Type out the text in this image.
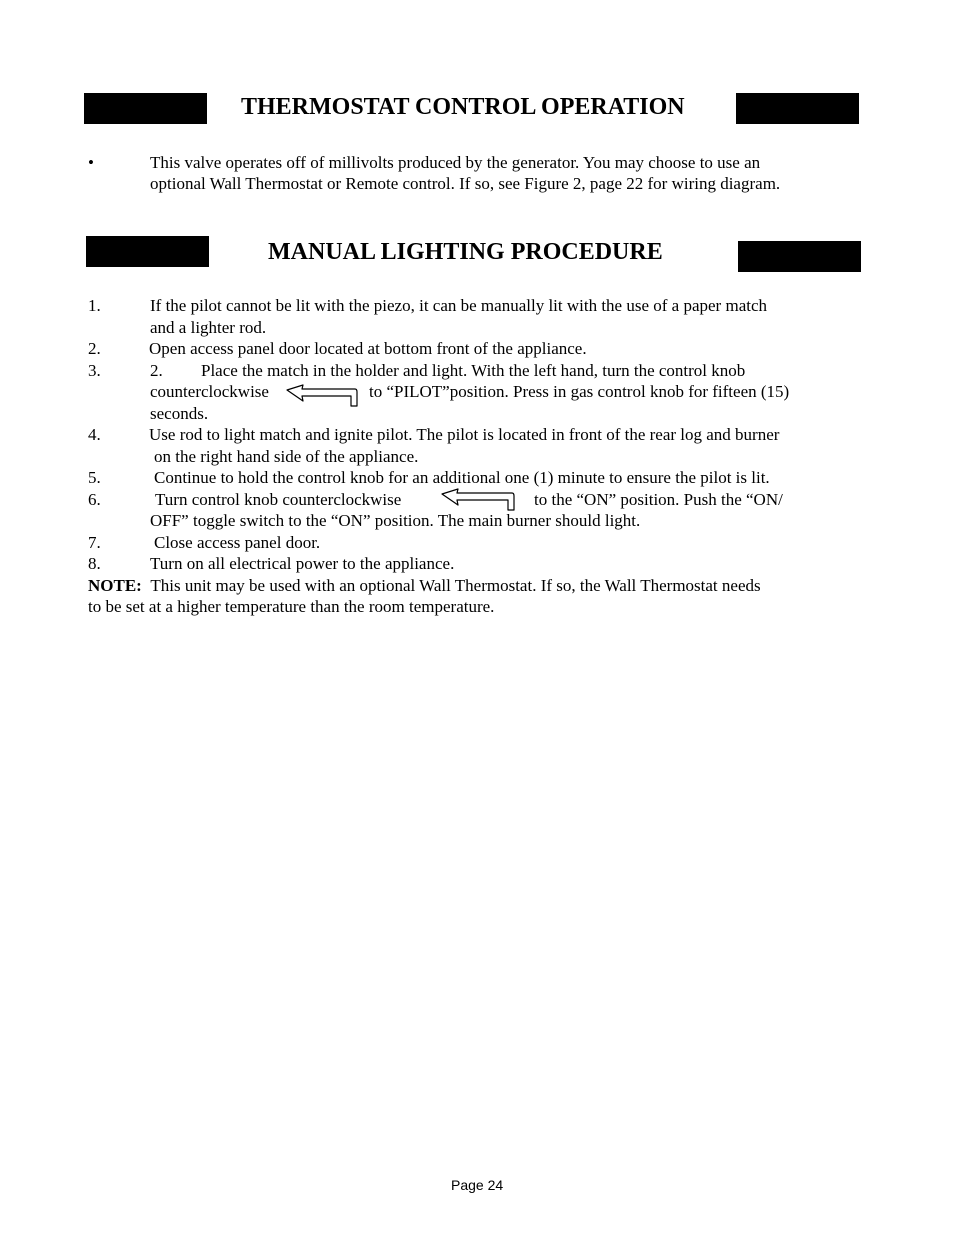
THERMOSTAT CONTROL OPERATION
•	This valve operates off of millivolts produced by the generator. You may choose to use an
optional Wall Thermostat or Remote control. If so, see Figure 2, page 22 for wiring diagram.
MANUAL LIGHTING PROCEDURE
1.	If the pilot cannot be lit with the piezo, it can be manually lit with the use of a paper match
and a lighter rod.
2.	Open access panel door located at bottom front of the appliance.
3.	2. Place the match in the holder and light. With the left hand, turn the control knob
counterclockwise	to “PILOT”position. Press in gas control knob for fifteen (15)
seconds.
4.	Use rod to light match and ignite pilot. The pilot is located in front of the rear log and burner
on the right hand side of the appliance.
5.	Continue to hold the control knob for an additional one (1) minute to ensure the pilot is lit.
6.	Turn control knob counterclockwise	to the “ON” position. Push the “ON/
OFF” toggle switch to the “ON” position. The main burner should light.
7.	Close access panel door.
8.	Turn on all electrical power to the appliance.
NOTE: This unit may be used with an optional Wall Thermostat. If so, the Wall Thermostat needs
to be set at a higher temperature than the room temperature.
Page 24
